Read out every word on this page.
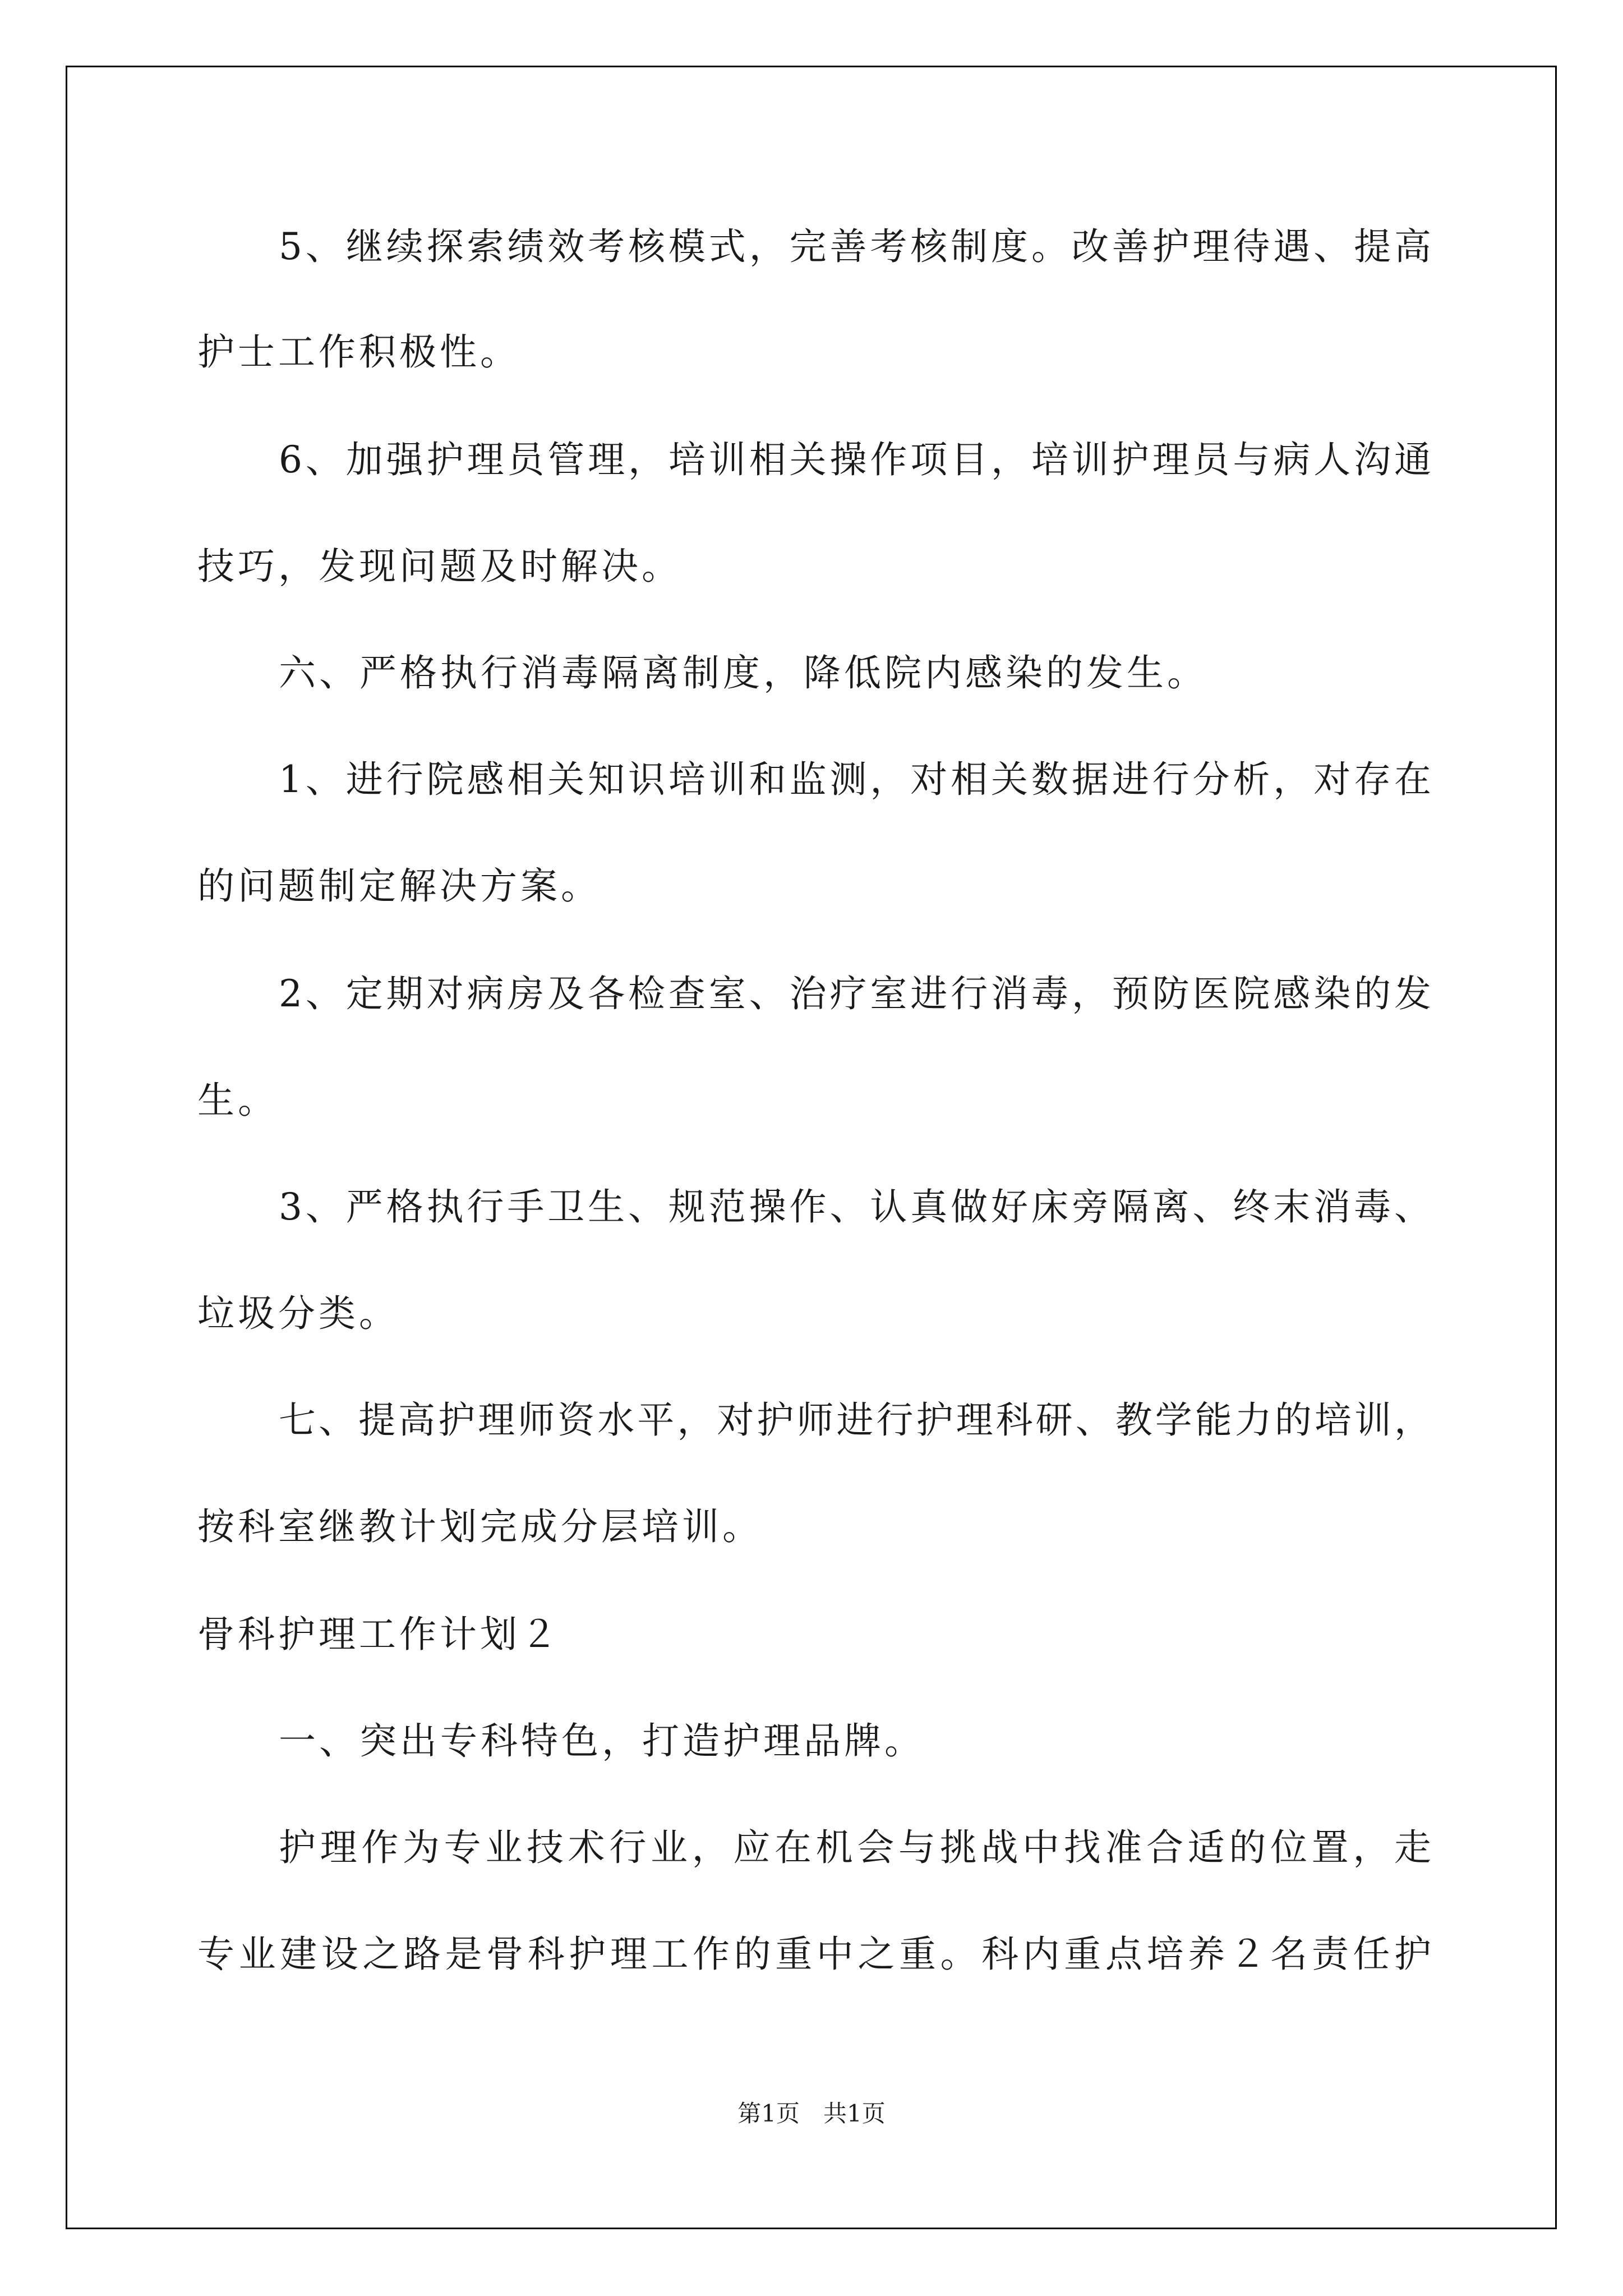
5、继续探索绩效考核模式，完善考核制度。改善护理待遇、提高
护士工作积极性。
6、加强护理员管理，培训相关操作项目，培训护理员与病人沟通
技巧，发现问题及时解决。
六、严格执行消毒隔离制度，降低院内感染的发生。
1、进行院感相关知识培训和监测，对相关数据进行分析，对存在
的问题制定解决方案。
2、定期对病房及各检查室、治疗室进行消毒，预防医院感染的发
生。
3、严格执行手卫生、规范操作、认真做好床旁隔离、终末消毒、
垃圾分类。
七、提高护理师资水平，对护师进行护理科研、教学能力的培训，
按科室继教计划完成分层培训。
骨科护理工作计划２
一、突出专科特色，打造护理品牌。
护理作为专业技术行业，应在机会与挑战中找准合适的位置，走
专业建设之路是骨科护理工作的重中之重。科内重点培养２名责任护
第1页　共1页
